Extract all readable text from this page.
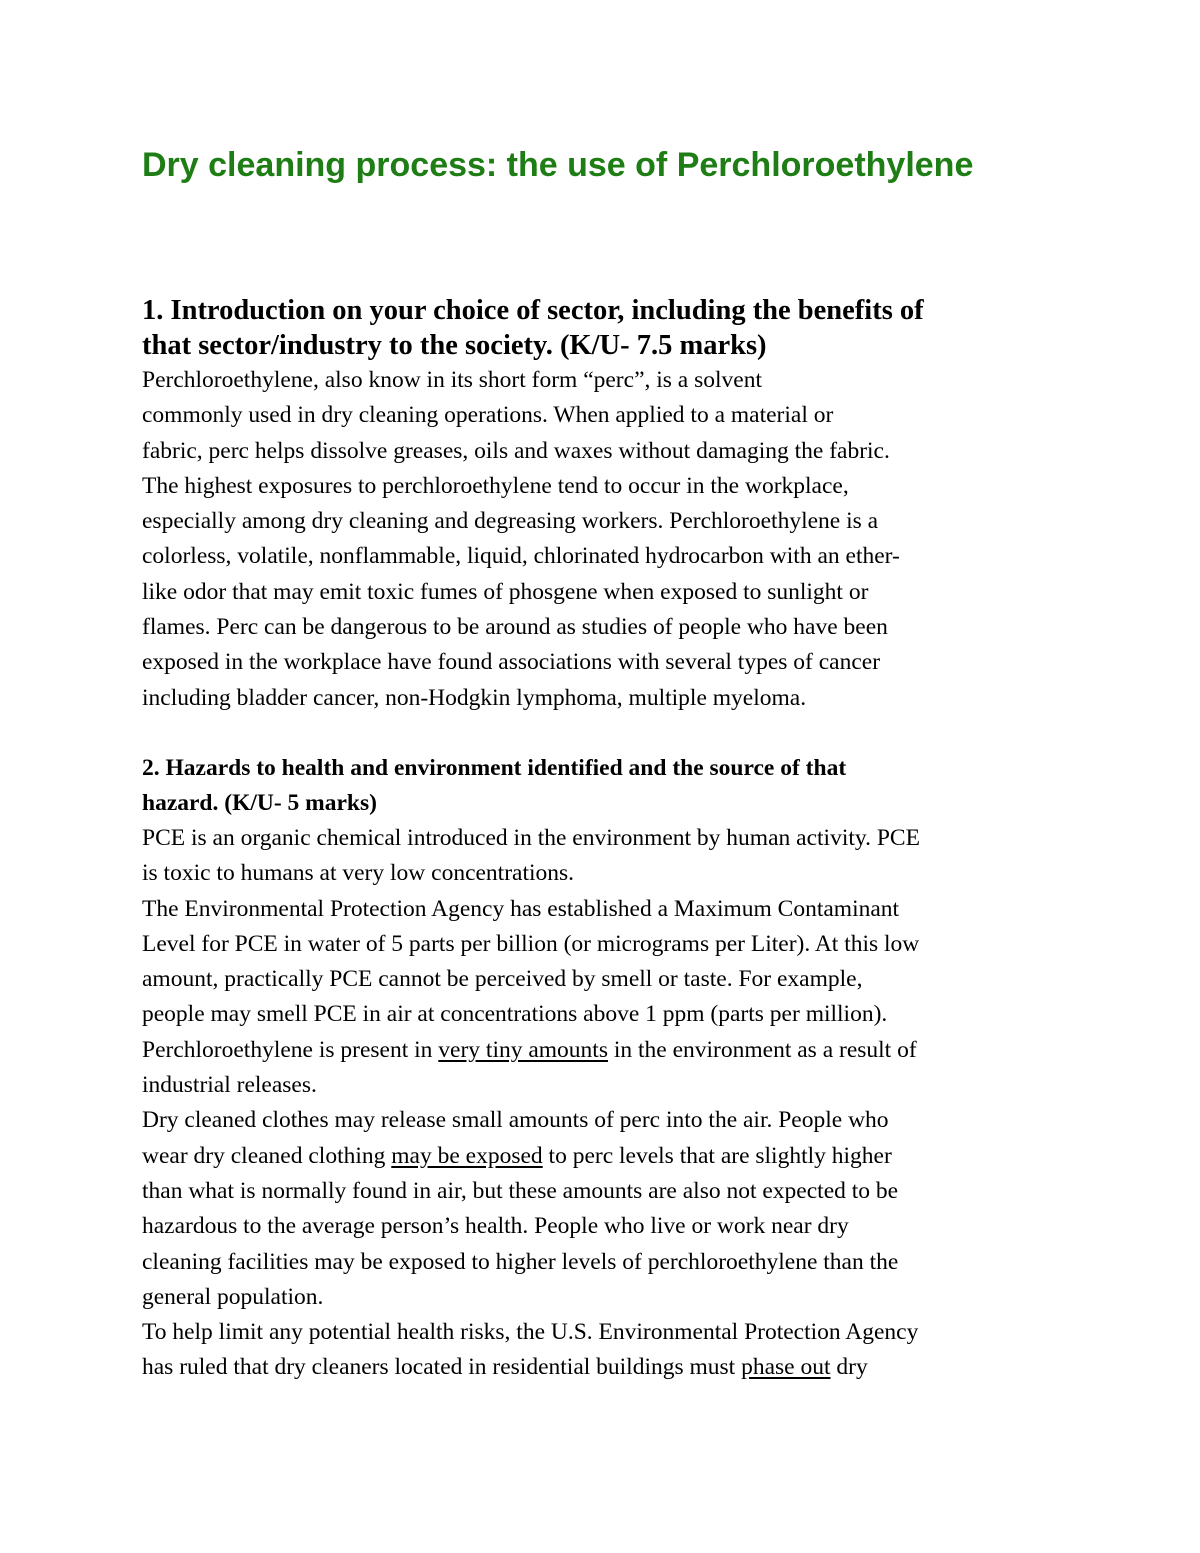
Dry cleaning process: the use of Perchloroethylene
1. Introduction on your choice of sector, including the benefits of
that sector/industry to the society. (K/U- 7.5 marks)
Perchloroethylene, also know in its short form “perc”, is a solvent
commonly used in dry cleaning operations. When applied to a material or
fabric, perc helps dissolve greases, oils and waxes without damaging the fabric.
The highest exposures to perchloroethylene tend to occur in the workplace,
especially among dry cleaning and degreasing workers. Perchloroethylene is a
colorless, volatile, nonflammable, liquid, chlorinated hydrocarbon with an ether-
like odor that may emit toxic fumes of phosgene when exposed to sunlight or
flames. Perc can be dangerous to be around as studies of people who have been
exposed in the workplace have found associations with several types of cancer
including bladder cancer, non-Hodgkin lymphoma, multiple myeloma.
2. Hazards to health and environment identified and the source of that
hazard. (K/U- 5 marks)
PCE is an organic chemical introduced in the environment by human activity. PCE
is toxic to humans at very low concentrations.
The Environmental Protection Agency has established a Maximum Contaminant
Level for PCE in water of 5 parts per billion (or micrograms per Liter). At this low
amount, practically PCE cannot be perceived by smell or taste. For example,
people may smell PCE in air at concentrations above 1 ppm (parts per million).
Perchloroethylene is present in very tiny amounts in the environment as a result of
industrial releases.
Dry cleaned clothes may release small amounts of perc into the air. People who
wear dry cleaned clothing may be exposed to perc levels that are slightly higher
than what is normally found in air, but these amounts are also not expected to be
hazardous to the average person’s health. People who live or work near dry
cleaning facilities may be exposed to higher levels of perchloroethylene than the
general population.
To help limit any potential health risks, the U.S. Environmental Protection Agency
has ruled that dry cleaners located in residential buildings must phase out dry
